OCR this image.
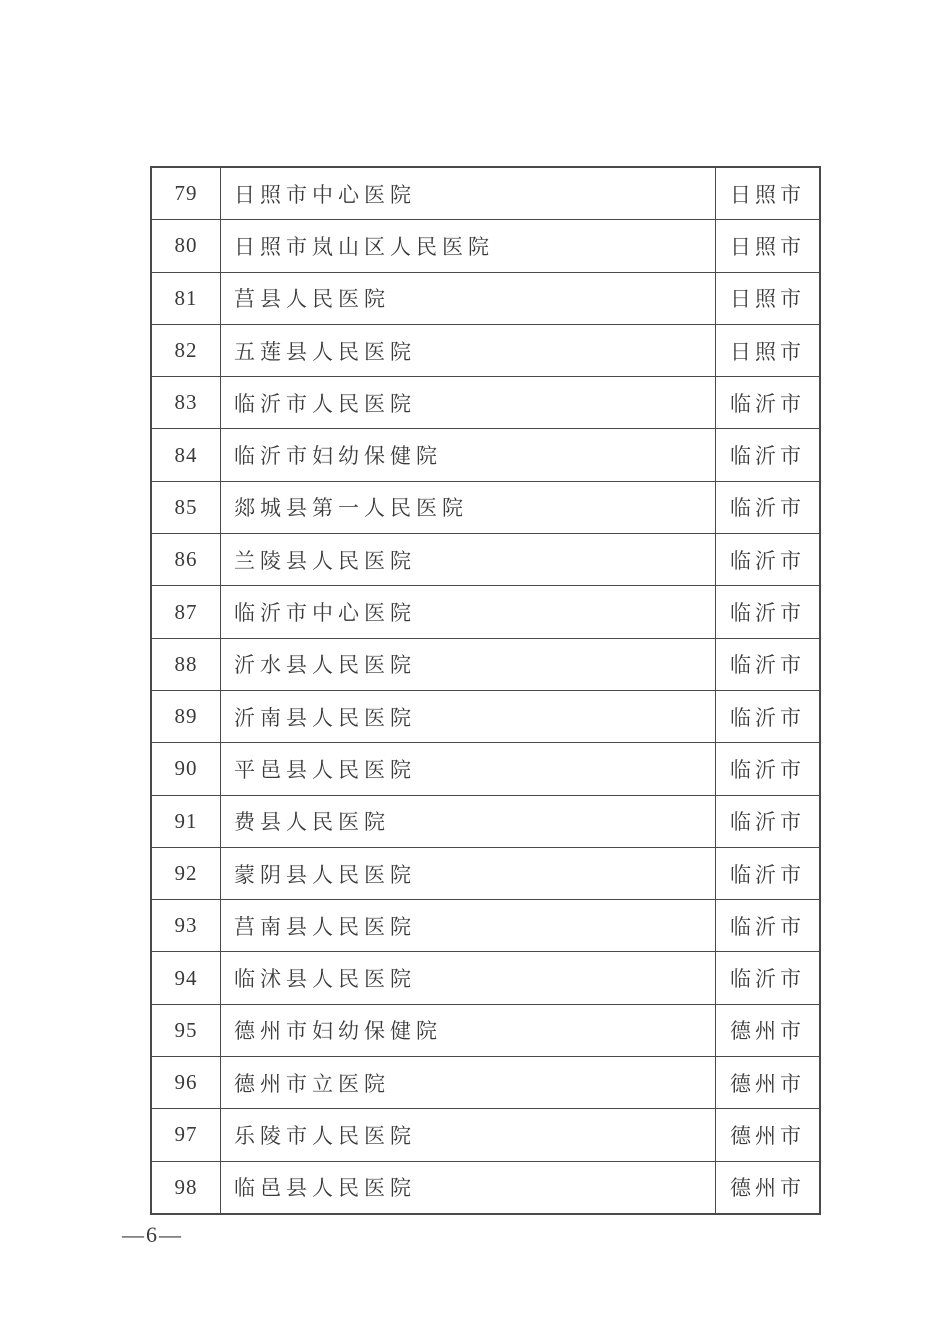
79	日照市中心医院	日照市
80	日照市岚山区人民医院	日照市
81	莒县人民医院	日照市
82	五莲县人民医院	日照市
83	临沂市人民医院	临沂市
84	临沂市妇幼保健院	临沂市
85	郯城县第一人民医院	临沂市
86	兰陵县人民医院	临沂市
87	临沂市中心医院	临沂市
88	沂水县人民医院	临沂市
89	沂南县人民医院	临沂市
90	平邑县人民医院	临沂市
91	费县人民医院	临沂市
92	蒙阴县人民医院	临沂市
93	莒南县人民医院	临沂市
94	临沭县人民医院	临沂市
95	德州市妇幼保健院	德州市
96	德州市立医院	德州市
97	乐陵市人民医院	德州市
98	临邑县人民医院	德州市
—6—
